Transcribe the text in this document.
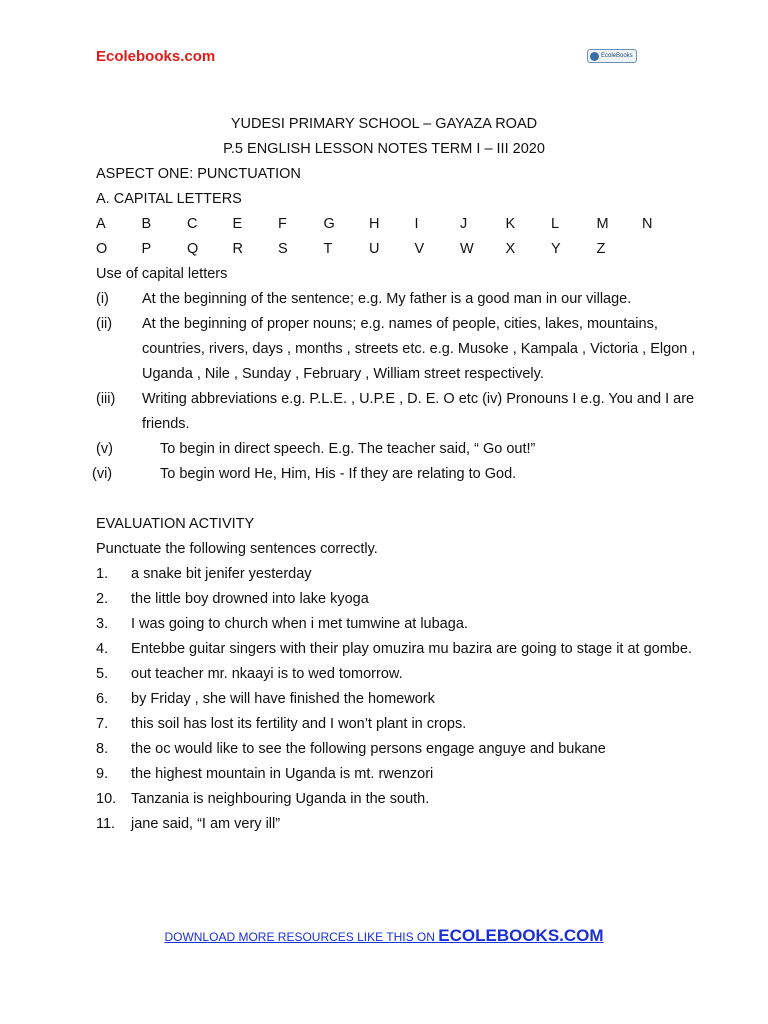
Ecolebooks.com	EcoleBooks
YUDESI PRIMARY SCHOOL – GAYAZA ROAD
P.5 ENGLISH LESSON NOTES TERM I – III 2020
ASPECT ONE: PUNCTUATION
A. CAPITAL LETTERS
A	B	C	E	F	G	H	I	J	K	L	M	N
O	P	Q	R	S	T	U	V	W	X	Y	Z
Use of capital letters
(i)	At the beginning of the sentence; e.g. My father is a good man in our village.
(ii)	At the beginning of proper nouns; e.g. names of people, cities, lakes, mountains, countries, rivers, days , months , streets etc. e.g. Musoke , Kampala , Victoria , Elgon , Uganda , Nile , Sunday , February , William street respectively.
(iii)	Writing abbreviations e.g. P.L.E. , U.P.E , D. E. O etc (iv) Pronouns I e.g. You and I are friends.
(v)	To begin in direct speech. E.g. The teacher said, “ Go out!”
(vi)	To begin word He, Him, His - If they are relating to God.
EVALUATION ACTIVITY
Punctuate the following sentences correctly.
1.	a snake bit jenifer yesterday
2.	the little boy drowned into lake kyoga
3.	I was going to church when i met tumwine at lubaga.
4.	Entebbe guitar singers with their play omuzira mu bazira are going to stage it at gombe.
5.	out teacher mr. nkaayi is to wed tomorrow.
6.	by Friday , she will have finished the homework
7.	this soil has lost its fertility and I won’t plant in crops.
8.	the oc would like to see the following persons engage anguye and bukane
9.	the highest mountain in Uganda is mt. rwenzori
10.	Tanzania is neighbouring Uganda in the south.
11.	jane said, “I am very ill”
DOWNLOAD MORE RESOURCES LIKE THIS ON ECOLEBOOKS.COM
